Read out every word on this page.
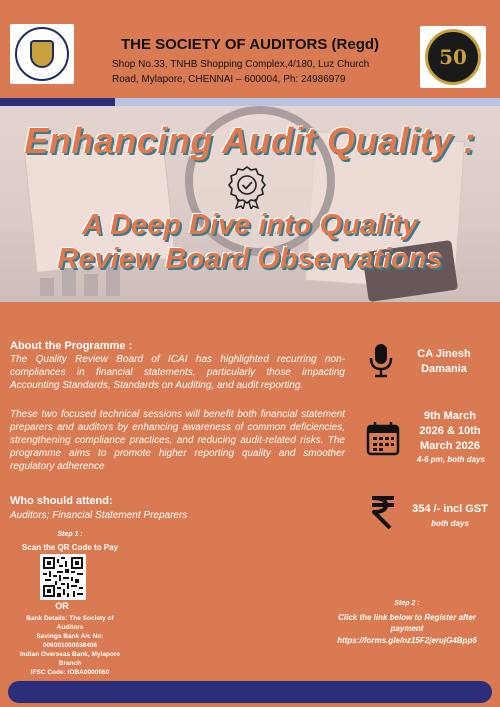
THE SOCIETY OF AUDITORS (Regd)
Shop No.33, TNHB Shopping Complex,4/180, Luz Church
Road, Mylapore, CHENNAI – 600004, Ph: 24986979
50
Enhancing Audit Quality :
A Deep Dive into Quality
Review Board Observations
About the Programme :
The Quality Review Board of ICAI has highlighted recurring non-compliances in financial statements, particularly those impacting Accounting Standards, Standards on Auditing, and audit reporting.
These two focused technical sessions will benefit both financial statement preparers and auditors by enhancing awareness of common deficiencies, strengthening compliance practices, and reducing audit-related risks. The programme aims to promote higher reporting quality and smoother regulatory adherence
Who should attend:
Auditors; Financial Statement Preparers
CA Jinesh
Damania
9th March
2026 & 10th
March 2026
4-6 pm, both days
354 /- incl GST
both days
Step 1 :
Scan the QR Code to Pay
OR
Bank Details: The Society of
Auditors
Savings Bank A/c No:
006001000038406
Indian Overseas Bank, Mylapore
Branch
IFSC Code: IOBA0000060
Step 2 :
Click the link below to Register after
payment
https://forms.gle/nz15F2jerujG4Bpp6
